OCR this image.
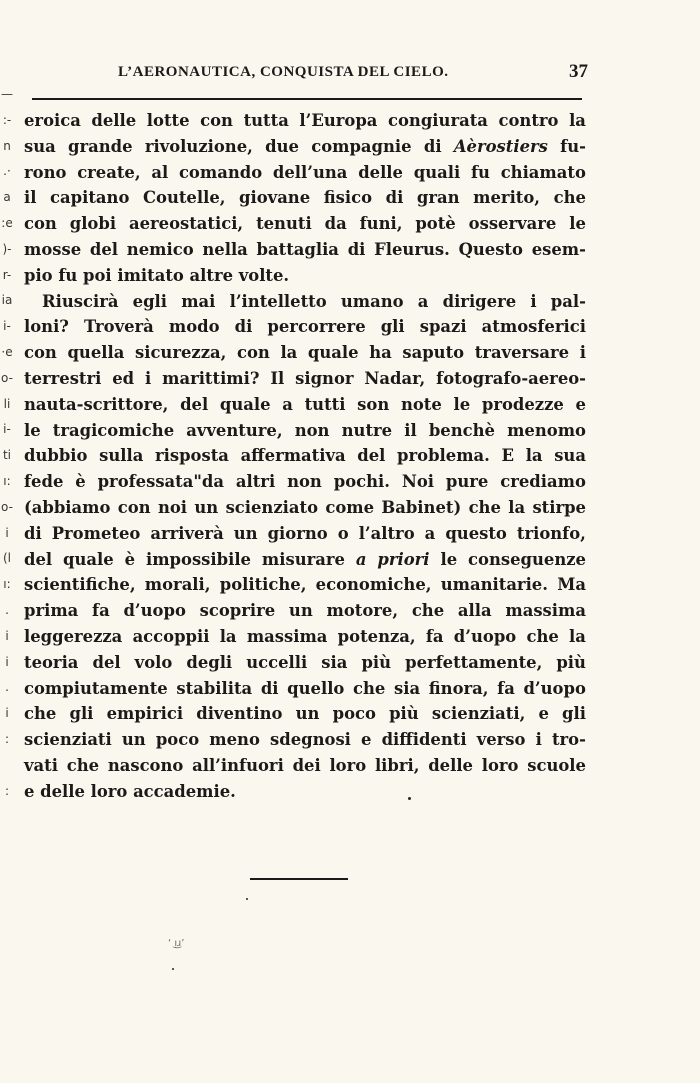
L’AERONAUTICA, CONQUISTA DEL CIELO.	37
—
:-
n
.·
a
:e
)-
r-
ia
i-
·e
o-
li
i-
ti
ı:
o-
i
(l
ı:
.
i
i
.
i
:
:
eroica delle lotte con tutta l’Europa congiurata contro la
sua grande rivoluzione, due compagnie di Aèrostiers fu-
rono create, al comando dell’una delle quali fu chiamato
il capitano Coutelle, giovane fisico di gran merito, che
con globi aereostatici, tenuti da funi, potè osservare le
mosse del nemico nella battaglia di Fleurus. Questo esem-
pio fu poi imitato altre volte.
Riuscirà egli mai l’intelletto umano a dirigere i pal-
loni? Troverà modo di percorrere gli spazi atmosferici
con quella sicurezza, con la quale ha saputo traversare i
terrestri ed i marittimi? Il signor Nadar, fotografo-aereo-
nauta-scrittore, del quale a tutti son note le prodezze e
le tragicomiche avventure, non nutre il benchè menomo
dubbio sulla risposta affermativa del problema. E la sua
fede è professata"da altri non pochi. Noi pure crediamo
(abbiamo con noi un scienziato come Babinet) che la stirpe
di Prometeo arriverà un giorno o l’altro a questo trionfo,
del quale è impossibile misurare a priori le conseguenze
scientifiche, morali, politiche, economiche, umanitarie. Ma
prima fa d’uopo scoprire un motore, che alla massima
leggerezza accoppii la massima potenza, fa d’uopo che la
teoria del volo degli uccelli sia più perfettamente, più
compiutamente stabilita di quello che sia finora, fa d’uopo
che gli empirici diventino un poco più scienziati, e gli
scienziati un poco meno sdegnosi e diffidenti verso i tro-
vati che nascono all’infuori dei loro libri, delle loro scuole
e delle loro accademie.
‘ ᴉ͜ɹ’
